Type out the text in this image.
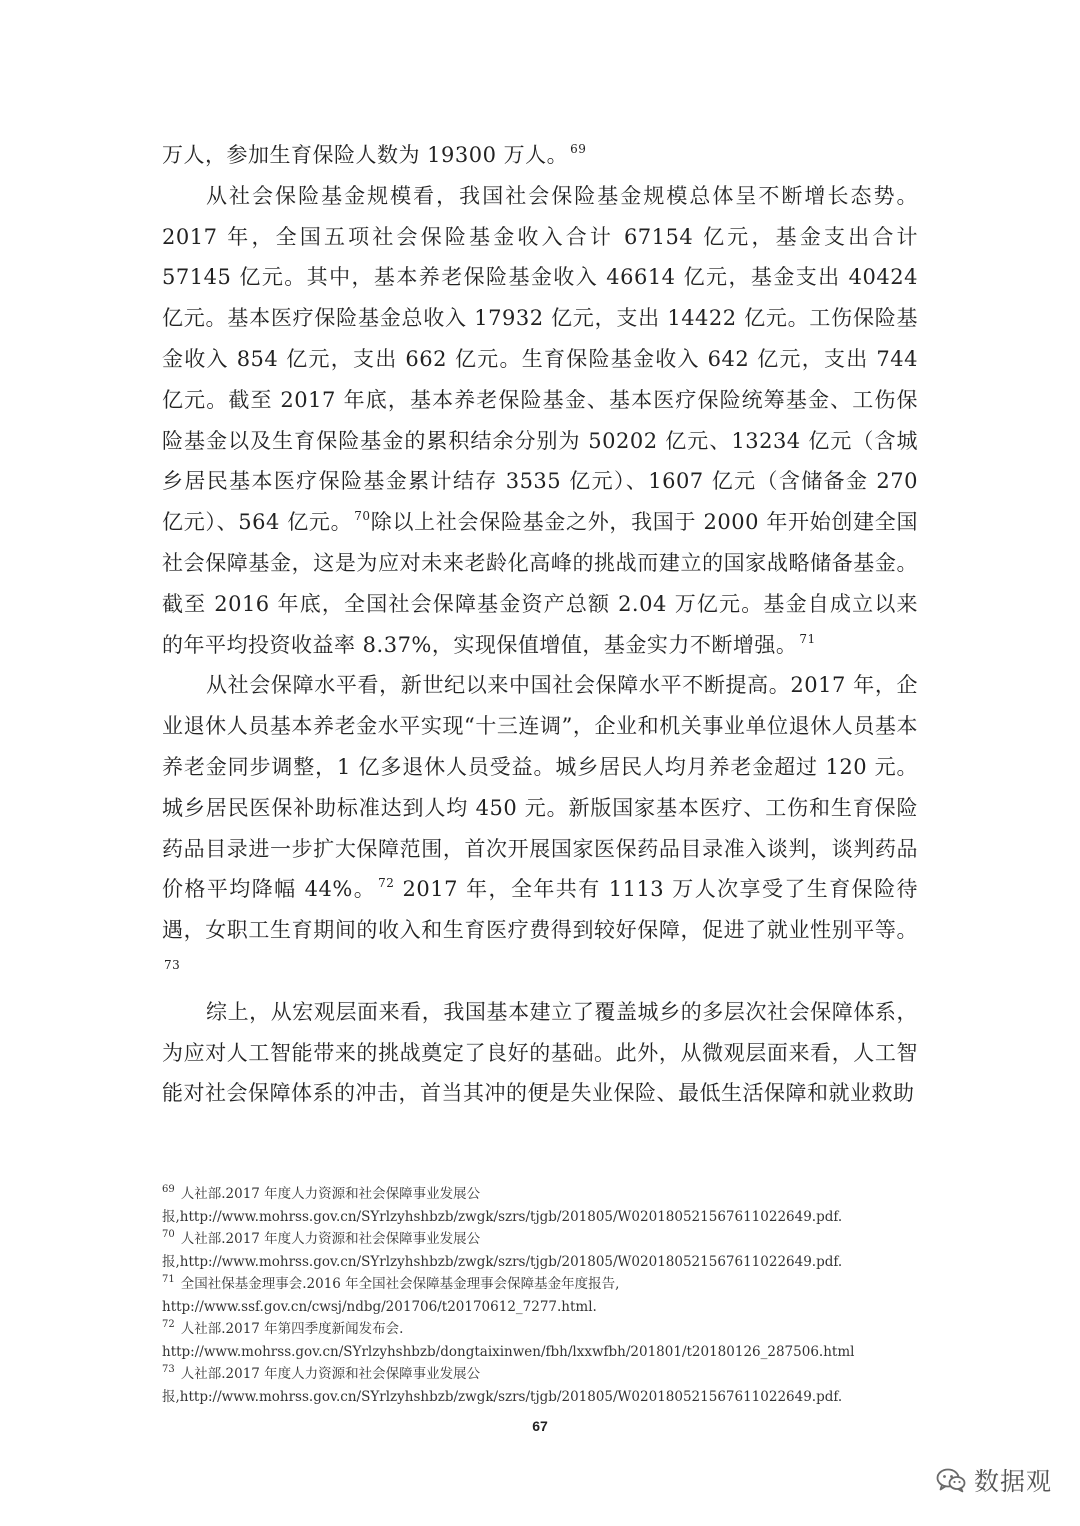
万人，参加生育保险人数为 19300 万人。 $^{69}$

从社会保险基金规模看，我国社会保险基金规模总体呈不断增长态势。2017 年，全国五项社会保险基金收入合计 67154 亿元，基金支出合计 57145 亿元。其中，基本养老保险基金收入 46614 亿元，基金支出 40424 亿元。基本医疗保险基金总收入 17932 亿元，支出 14422 亿元。工伤保险基金收入 854 亿元，支出 662 亿元。生育保险基金收入 642 亿元，支出 744 亿元。截至 2017 年底，基本养老保险基金、基本医疗保险统筹基金、工伤保险基金以及生育保险基金的累积结余分别为 50202 亿元、13234 亿元（含城乡居民基本医疗保险基金累计结存 3535 亿元）、1607 亿元（含储备金 270 亿元）、564 亿元。 $^{70}$除以上社会保险基金之外，我国于 2000 年开始创建全国社会保障基金，这是为应对未来老龄化高峰的挑战而建立的国家战略储备基金。截至 2016 年底，全国社会保障基金资产总额 2.04 万亿元。基金自成立以来的年平均投资收益率 8.37%，实现保值增值，基金实力不断增强。 $^{71}$

从社会保障水平看，新世纪以来中国社会保障水平不断提高。2017 年，企业退休人员基本养老金水平实现“十三连调”，企业和机关事业单位退休人员基本养老金同步调整，1 亿多退休人员受益。城乡居民人均月养老金超过 120 元。城乡居民医保补助标准达到人均 450 元。新版国家基本医疗、工伤和生育保险药品目录进一步扩大保障范围，首次开展国家医保药品目录准入谈判，谈判药品价格平均降幅 44%。 $^{72}$ 2017 年，全年共有 1113 万人次享受了生育保险待遇，女职工生育期间的收入和生育医疗费得到较好保障，促进了就业性别平等。$^{73}$

综上，从宏观层面来看，我国基本建立了覆盖城乡的多层次社会保障体系，为应对人工智能带来的挑战奠定了良好的基础。此外，从微观层面来看，人工智能对社会保障体系的冲击，首当其冲的便是失业保险、最低生活保障和就业救助

$^{69}$ 人社部.2017 年度人力资源和社会保障事业发展公
报,http://www.mohrss.gov.cn/SYrlzyhshbzb/zwgk/szrs/tjgb/201805/W020180521567611022649.pdf.
$^{70}$ 人社部.2017 年度人力资源和社会保障事业发展公
报,http://www.mohrss.gov.cn/SYrlzyhshbzb/zwgk/szrs/tjgb/201805/W020180521567611022649.pdf.
$^{71}$ 全国社保基金理事会.2016 年全国社会保障基金理事会保障基金年度报告,
http://www.ssf.gov.cn/cwsj/ndbg/201706/t20170612_7277.html.
$^{72}$ 人社部.2017 年第四季度新闻发布会.
http://www.mohrss.gov.cn/SYrlzyhshbzb/dongtaixinwen/fbh/lxxwfbh/201801/t20180126_287506.html
$^{73}$ 人社部.2017 年度人力资源和社会保障事业发展公
报,http://www.mohrss.gov.cn/SYrlzyhshbzb/zwgk/szrs/tjgb/201805/W020180521567611022649.pdf.
67
数据观
